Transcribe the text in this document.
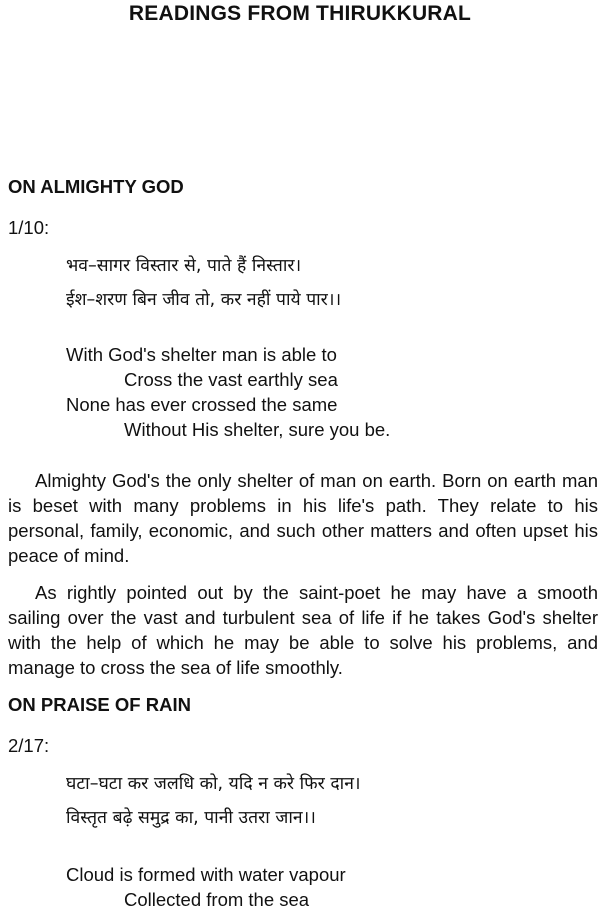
READINGS FROM THIRUKKURAL
ON ALMIGHTY GOD
1/10:
भव–सागर विस्तार से, पाते हैं निस्तार।
ईश–शरण बिन जीव तो, कर नहीं पाये पार।।
With God's shelter man is able to
Cross the vast earthly sea
None has ever crossed the same
Without His shelter, sure you be.
Almighty God's the only shelter of man on earth. Born on earth man is beset with many problems in his life's path. They relate to his personal, family, economic, and such other matters and often upset his peace of mind.
As rightly pointed out by the saint-poet he may have a smooth sailing over the vast and turbulent sea of life if he takes God's shelter with the help of which he may be able to solve his problems, and manage to cross the sea of life smoothly.
ON PRAISE OF RAIN
2/17:
घटा–घटा कर जलधि को, यदि न करे फिर दान।
विस्तृत बढ़े समुद्र का, पानी उतरा जान।।
Cloud is formed with water vapour
Collected from the sea
